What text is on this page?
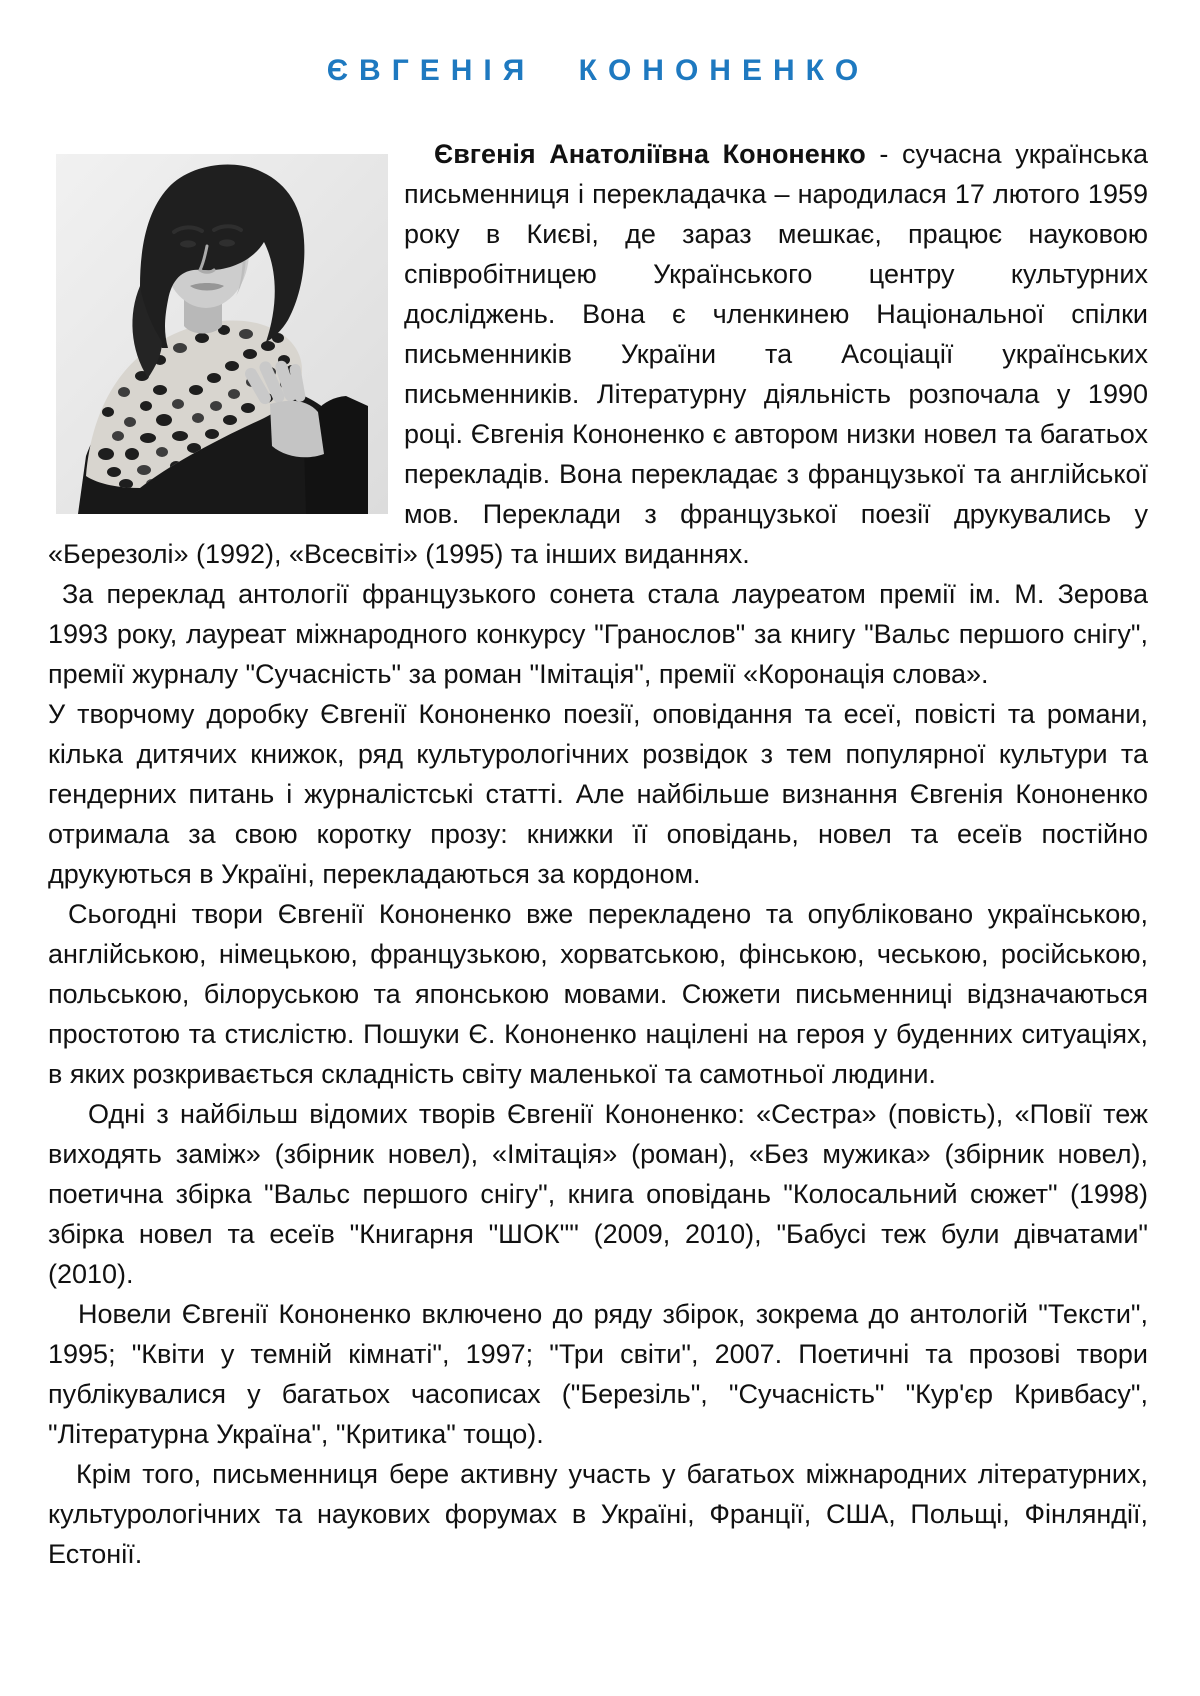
ЄВГЕНІЯ КОНОНЕНКО

Євгенія Анатоліївна Кононенко - сучасна українська письменниця і перекладачка – народилася 17 лютого 1959 року в Києві, де зараз мешкає, працює науковою співробітницею Українського центру культурних досліджень. Вона є членкинею Національної спілки письменників України та Асоціації українських письменників. Літературну діяльність розпочала у 1990 році. Євгенія Кононенко є автором низки новел та багатьох перекладів. Вона перекладає з французької та англійської мов. Переклади з французької поезії друкувались у «Березолі» (1992), «Всесвіті» (1995) та інших виданнях.

За переклад антології французького сонета стала лауреатом премії ім. М. Зерова 1993 року, лауреат міжнародного конкурсу "Гранослов" за книгу "Вальс першого снігу", премії журналу "Сучасність" за роман "Імітація", премії «Коронація слова».

У творчому доробку Євгенії Кононенко поезії, оповідання та есеї, повісті та романи, кілька дитячих книжок, ряд культурологічних розвідок з тем популярної культури та гендерних питань і журналістські статті. Але найбільше визнання Євгенія Кононенко отримала за свою коротку прозу: книжки її оповідань, новел та есеїв постійно друкуються в Україні, перекладаються за кордоном.

Сьогодні твори Євгенії Кононенко вже перекладено та опубліковано українською, англійською, німецькою, французькою, хорватською, фінською, чеською, російською, польською, білоруською та японською мовами. Сюжети письменниці відзначаються простотою та стислістю. Пошуки Є. Кононенко націлені на героя у буденних ситуаціях, в яких розкривається складність світу маленької та самотньої людини.

Одні з найбільш відомих творів Євгенії Кононенко: «Сестра» (повість), «Повії теж виходять заміж» (збірник новел), «Імітація» (роман), «Без мужика» (збірник новел), поетична збірка "Вальс першого снігу", книга оповідань "Колосальний сюжет" (1998) збірка новел та есеїв "Книгарня "ШОК"" (2009, 2010), "Бабусі теж були дівчатами" (2010).

Новели Євгенії Кононенко включено до ряду збірок, зокрема до антологій "Тексти", 1995; "Квіти у темній кімнаті", 1997; "Три світи", 2007. Поетичні та прозові твори публікувалися у багатьох часописах ("Березіль", "Сучасність" "Кур'єр Кривбасу", "Літературна Україна", "Критика" тощо).

Крім того, письменниця бере активну участь у багатьох міжнародних літературних, культурологічних та наукових форумах в Україні, Франції, США, Польщі, Фінляндії, Естонії.
